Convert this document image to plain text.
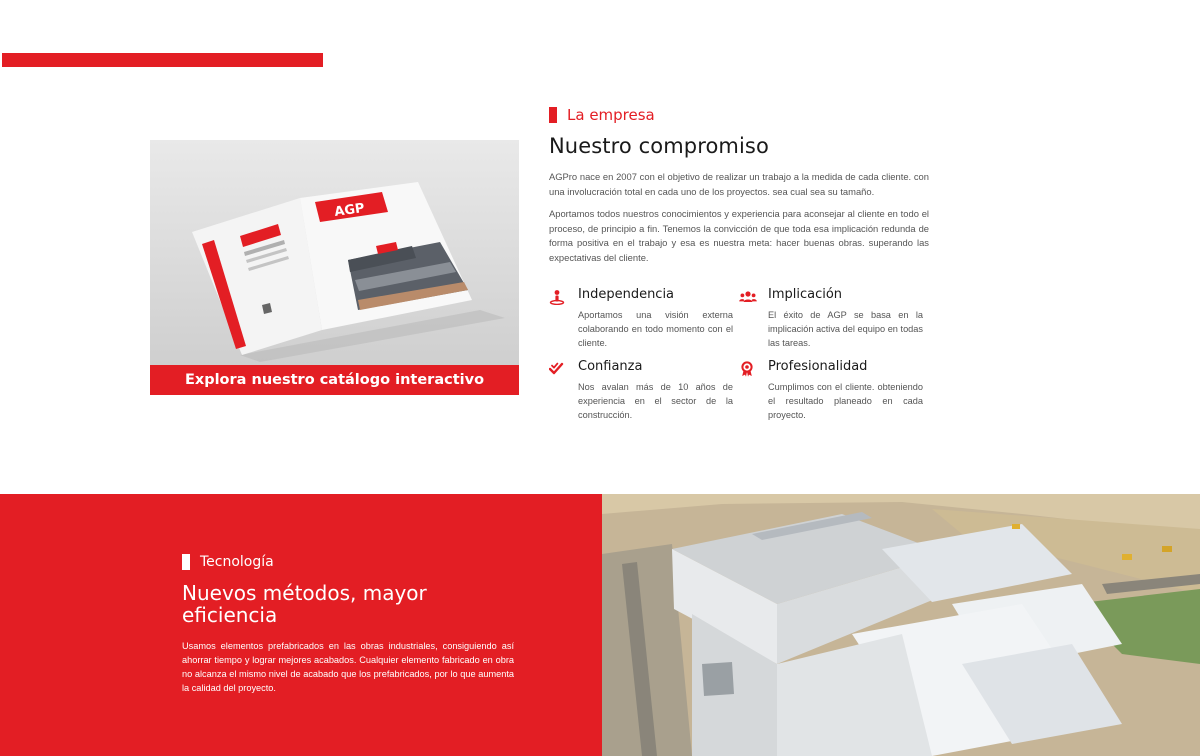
AGP
Explora nuestro catálogo interactivo
La empresa
Nuestro compromiso

AGPro nace en 2007 con el objetivo de realizar un trabajo a la medida de cada cliente. con una involucración total en cada uno de los proyectos. sea cual sea su tamaño.

Aportamos todos nuestros conocimientos y experiencia para aconsejar al cliente en todo el proceso, de principio a fin. Tenemos la convicción de que toda esa implicación redunda de forma positiva en el trabajo y esa es nuestra meta: hacer buenas obras. superando las expectativas del cliente.

Independencia

Aportamos una visión externa colaborando en todo momento con el cliente.

Implicación

El éxito de AGP se basa en la implicación activa del equipo en todas las tareas.

Confianza

Nos avalan más de 10 años de experiencia en el sector de la construcción.

Profesionalidad

Cumplimos con el cliente. obteniendo el resultado planeado en cada proyecto.

Tecnología
Nuevos métodos, mayor eficiencia

Usamos elementos prefabricados en las obras industriales, consiguiendo así ahorrar tiempo y lograr mejores acabados. Cualquier elemento fabricado en obra no alcanza el mismo nivel de acabado que los prefabricados, por lo que aumenta la calidad del proyecto.
